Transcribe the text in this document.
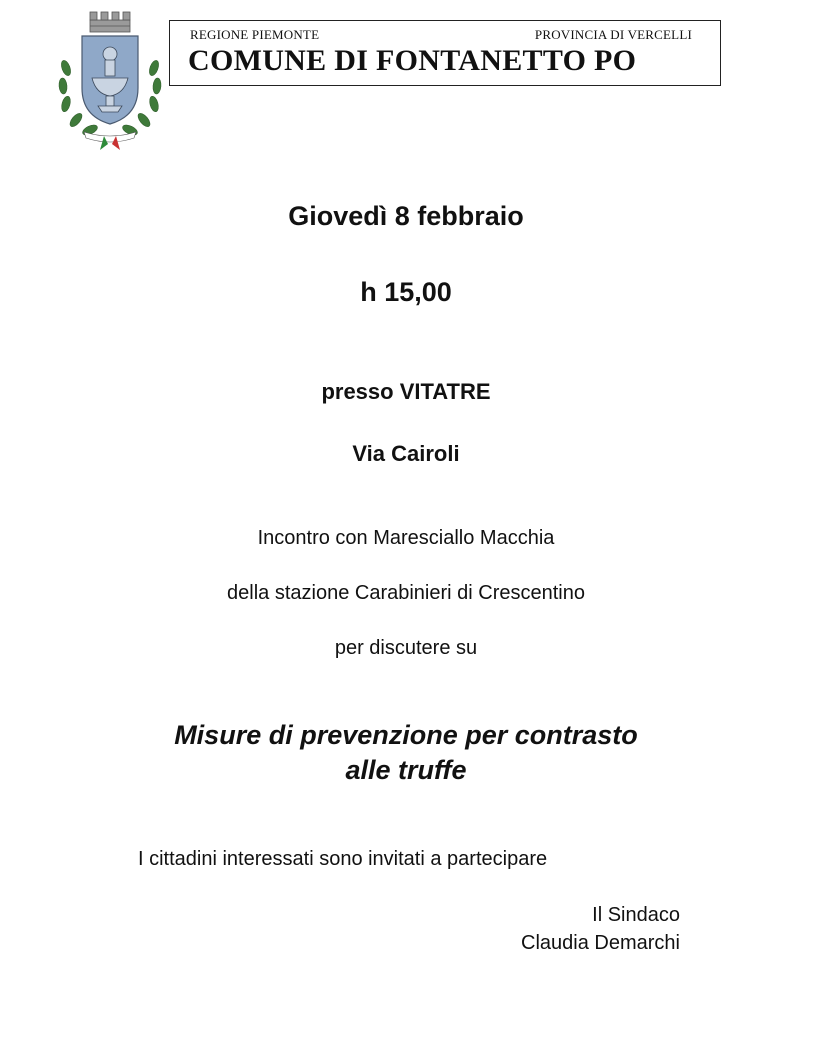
REGIONE PIEMONTE	PROVINCIA DI VERCELLI
COMUNE DI FONTANETTO PO
Giovedì 8 febbraio
h 15,00
presso VITATRE
Via Cairoli
Incontro con Maresciallo Macchia
della stazione Carabinieri di Crescentino
per discutere su
Misure di prevenzione per contrasto
alle truffe
I cittadini interessati sono invitati a partecipare
Il Sindaco
Claudia Demarchi
